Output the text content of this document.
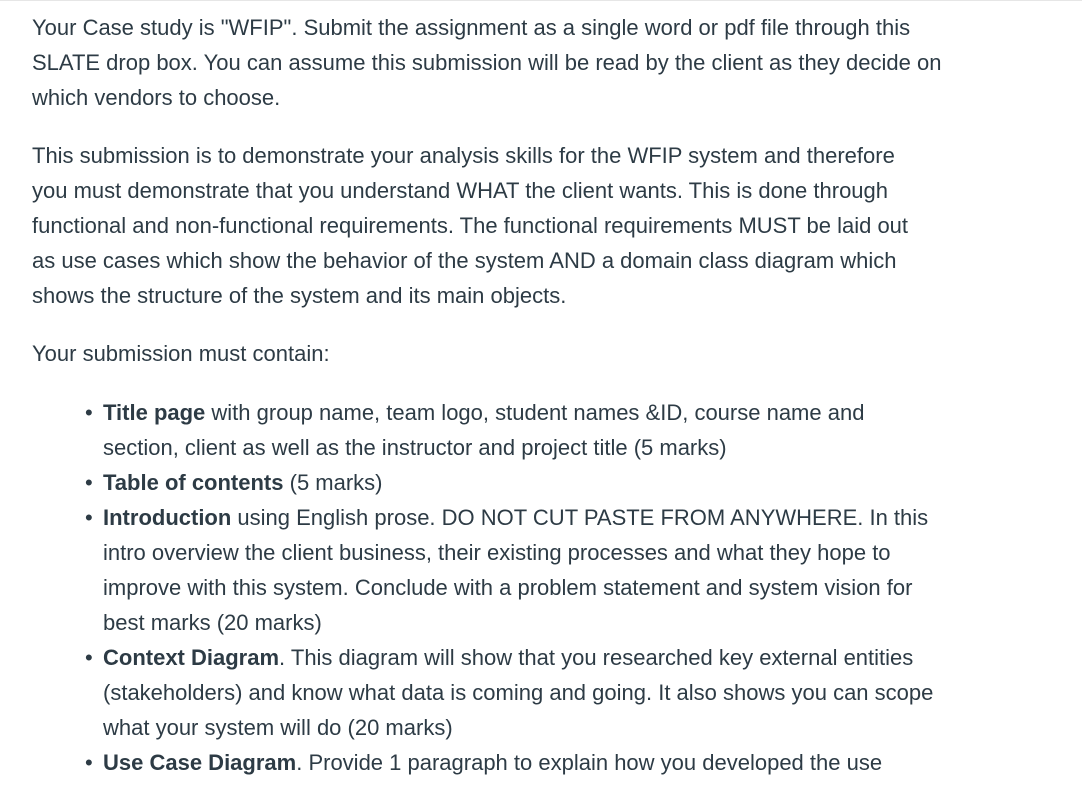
Your Case study is "WFIP". Submit the assignment as a single word or pdf file through this SLATE drop box. You can assume this submission will be read by the client as they decide on which vendors to choose.

This submission is to demonstrate your analysis skills for the WFIP system and therefore you must demonstrate that you understand WHAT the client wants. This is done through functional and non-functional requirements. The functional requirements MUST be laid out as use cases which show the behavior of the system AND a domain class diagram which shows the structure of the system and its main objects.

Your submission must contain:

• Title page with group name, team logo, student names &ID, course name and section, client as well as the instructor and project title (5 marks)
• Table of contents (5 marks)
• Introduction using English prose. DO NOT CUT PASTE FROM ANYWHERE. In this intro overview the client business, their existing processes and what they hope to improve with this system. Conclude with a problem statement and system vision for best marks (20 marks)
• Context Diagram. This diagram will show that you researched key external entities (stakeholders) and know what data is coming and going. It also shows you can scope what your system will do (20 marks)
• Use Case Diagram. Provide 1 paragraph to explain how you developed the use
